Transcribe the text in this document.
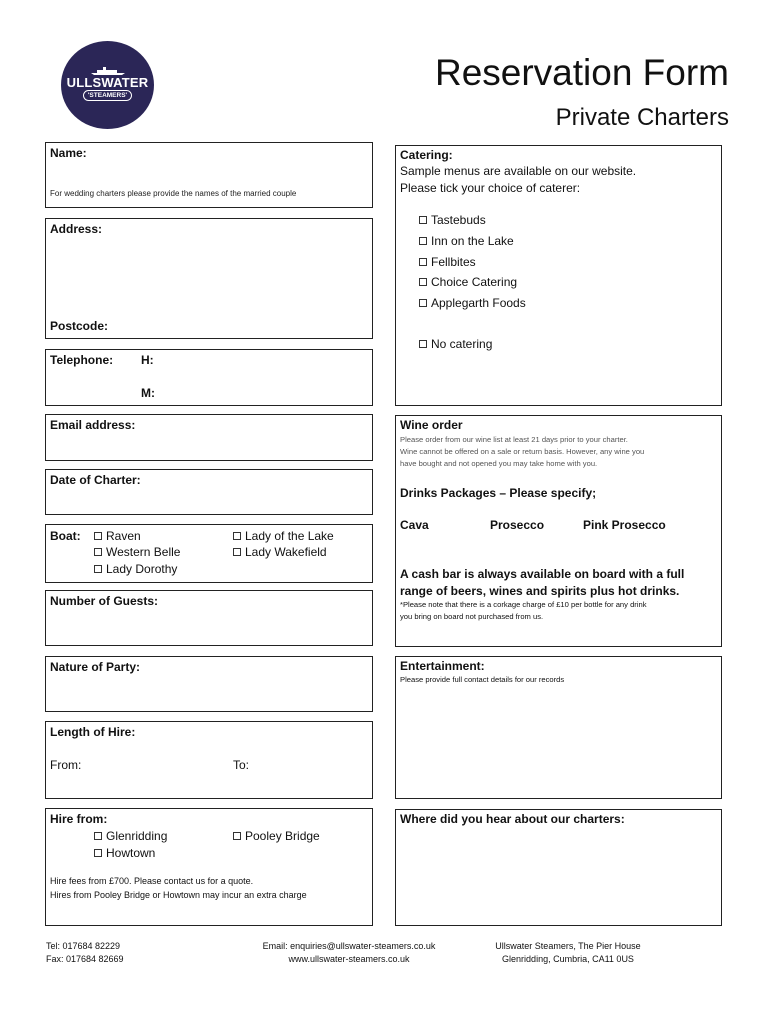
ULLSWATER
'STEAMERS'
Reservation Form
Private Charters
Name:
For wedding charters please provide the names of the married couple
Address:
Postcode:
Telephone: H:
M:
Email address:
Date of Charter:
Boat:	Raven
Western Belle
Lady Dorothy
Lady of the Lake
Lady Wakefield
Number of Guests:
Nature of Party:
Length of Hire:
From:	To:
Hire from:
Glenridding
Howtown
Pooley Bridge
Hire fees from £700. Please contact us for a quote.
Hires from Pooley Bridge or Howtown may incur an extra charge
Catering:
Sample menus are available on our website.
Please tick your choice of caterer:
Tastebuds
Inn on the Lake
Fellbites
Choice Catering
Applegarth Foods
No catering
Wine order
Please order from our wine list at least 21 days prior to your charter.
Wine cannot be offered on a sale or return basis. However, any wine you
have bought and not opened you may take home with you.
Drinks Packages – Please specify;
Cava	Prosecco	Pink Prosecco
A cash bar is always available on board with a full
range of beers, wines and spirits plus hot drinks.
*Please note that there is a corkage charge of £10 per bottle for any drink
you bring on board not purchased from us.
Entertainment:
Please provide full contact details for our records
Where did you hear about our charters:
Tel: 017684 82229
Fax: 017684 82669
Email: enquiries@ullswater-steamers.co.uk
www.ullswater-steamers.co.uk
Ullswater Steamers, The Pier House
Glenridding, Cumbria, CA11 0US
